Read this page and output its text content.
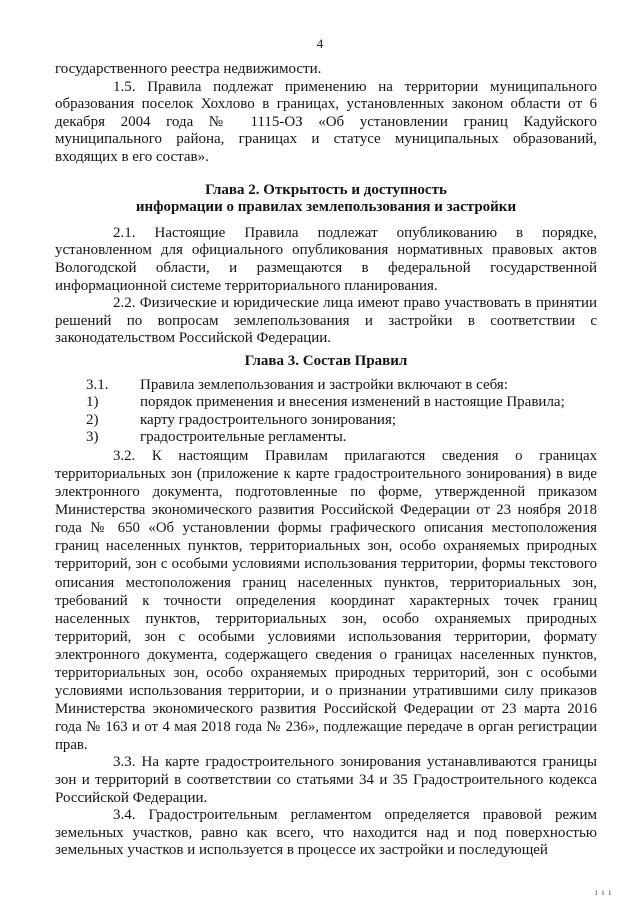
4

государственного реестра недвижимости.

1.5. Правила подлежат применению на территории муниципального образования поселок Хохлово в границах, установленных законом области от 6 декабря 2004 года № 1115-ОЗ «Об установлении границ Кадуйского муниципального района, границах и статусе муниципальных образований, входящих в его состав».

Глава 2. Открытость и доступность
информации о правилах землепользования и застройки

2.1. Настоящие Правила подлежат опубликованию в порядке, установленном для официального опубликования нормативных правовых актов Вологодской области, и размещаются в федеральной государственной информационной системе территориального планирования.

2.2. Физические и юридические лица имеют право участвовать в принятии решений по вопросам землепользования и застройки в соответствии с законодательством Российской Федерации.

Глава 3. Состав Правил
3.1.	Правила землепользования и застройки включают в себя:
1)	порядок применения и внесения изменений в настоящие Правила;
2)	карту градостроительного зонирования;
3)	градостроительные регламенты.

3.2. К настоящим Правилам прилагаются сведения о границах территориальных зон (приложение к карте градостроительного зонирования) в виде электронного документа, подготовленные по форме, утвержденной приказом Министерства экономического развития Российской Федерации от 23 ноября 2018 года № 650 «Об установлении формы графического описания местоположения границ населенных пунктов, территориальных зон, особо охраняемых природных территорий, зон с особыми условиями использования территории, формы текстового описания местоположения границ населенных пунктов, территориальных зон, требований к точности определения координат характерных точек границ населенных пунктов, территориальных зон, особо охраняемых природных территорий, зон с особыми условиями использования территории, формату электронного документа, содержащего сведения о границах населенных пунктов, территориальных зон, особо охраняемых природных территорий, зон с особыми условиями использования территории, и о признании утратившими силу приказов Министерства экономического развития Российской Федерации от 23 марта 2016 года № 163 и от 4 мая 2018 года № 236», подлежащие передаче в орган регистрации прав.

3.3. На карте градостроительного зонирования устанавливаются границы зон и территорий в соответствии со статьями 34 и 35 Градостроительного кодекса Российской Федерации.

3.4. Градостроительным регламентом определяется правовой режим земельных участков, равно как всего, что находится над и под поверхностью земельных участков и используется в процессе их застройки и последующей

ı ı ı
